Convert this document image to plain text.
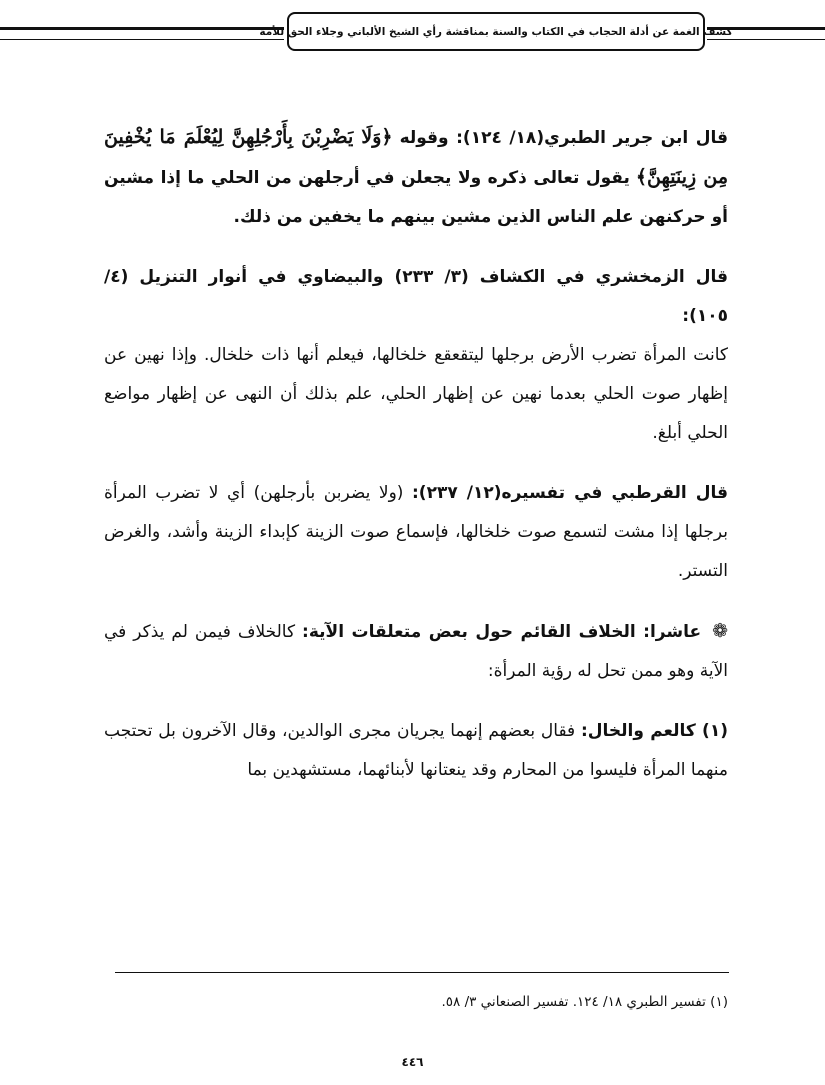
كشف الغمة عن أدلة الحجاب في الكتاب والسنة بمناقشة رأي الشيخ الألباني وجلاء الحق للأمة

قال ابن جرير الطبري(١٨/ ١٢٤): وقوله ﴿وَلَا يَضْرِبْنَ بِأَرْجُلِهِنَّ لِيُعْلَمَ مَا يُخْفِينَ مِن زِينَتِهِنَّ﴾ يقول تعالى ذكره ولا يجعلن في أرجلهن من الحلي ما إذا مشين أو حركنهن علم الناس الذين مشين بينهم ما يخفين من ذلك.

قال الزمخشري في الكشاف (٣/ ٢٣٣) والبيضاوي في أنوار التنزيل (٤/ ١٠٥):
كانت المرأة تضرب الأرض برجلها ليتقعقع خلخالها، فيعلم أنها ذات خلخال. وإذا نهين عن إظهار صوت الحلي بعدما نهين عن إظهار الحلي، علم بذلك أن النهى عن إظهار مواضع الحلي أبلغ.

قال القرطبي في تفسيره(١٢/ ٢٣٧): (ولا يضربن بأرجلهن) أي لا تضرب المرأة برجلها إذا مشت لتسمع صوت خلخالها، فإسماع صوت الزينة كإبداء الزينة وأشد، والغرض التستر.

❁ عاشرا: الخلاف القائم حول بعض متعلقات الآية: كالخلاف فيمن لم يذكر في الآية وهو ممن تحل له رؤية المرأة:

(١) كالعم والخال: فقال بعضهم إنهما يجريان مجرى الوالدين، وقال الآخرون بل تحتجب منهما المرأة فليسوا من المحارم وقد ينعتانها لأبنائهما، مستشهدين بما

(١) تفسير الطبري ١٨/ ١٢٤. تفسير الصنعاني ٣/ ٥٨.
٤٤٦
